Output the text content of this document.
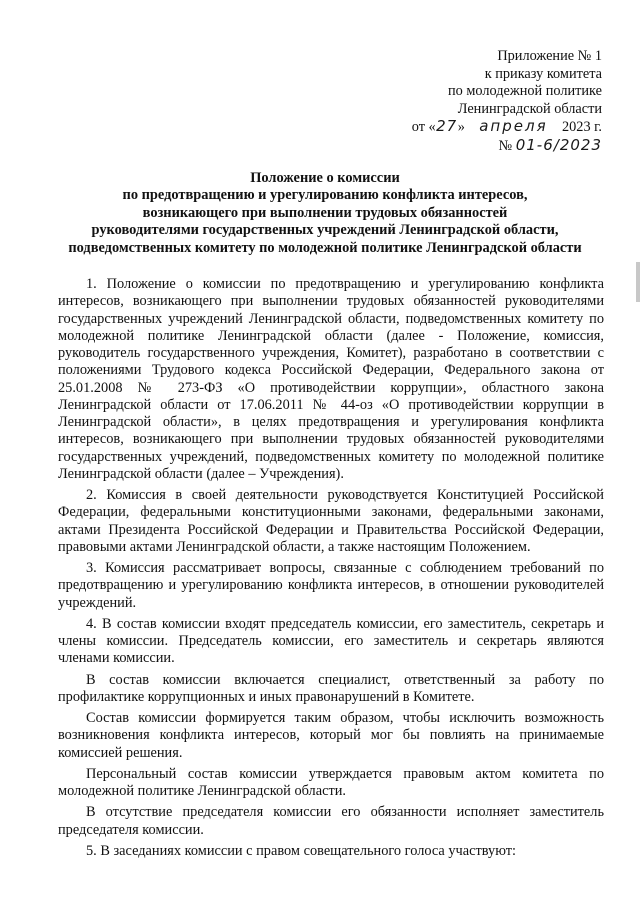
Приложение № 1
к приказу комитета
по молодежной политике
Ленинградской области
от «27» апреля 2023 г.
№ 01-6/2023
Положение о комиссии
по предотвращению и урегулированию конфликта интересов,
возникающего при выполнении трудовых обязанностей
руководителями государственных учреждений Ленинградской области,
подведомственных комитету по молодежной политике Ленинградской области

1. Положение о комиссии по предотвращению и урегулированию конфликта интересов, возникающего при выполнении трудовых обязанностей руководителями государственных учреждений Ленинградской области, подведомственных комитету по молодежной политике Ленинградской области (далее - Положение, комиссия, руководитель государственного учреждения, Комитет), разработано в соответствии с положениями Трудового кодекса Российской Федерации, Федерального закона от 25.01.2008 № 273-ФЗ «О противодействии коррупции», областного закона Ленинградской области от 17.06.2011 № 44-оз «О противодействии коррупции в Ленинградской области», в целях предотвращения и урегулирования конфликта интересов, возникающего при выполнении трудовых обязанностей руководителями государственных учреждений, подведомственных комитету по молодежной политике Ленинградской области (далее – Учреждения).

2. Комиссия в своей деятельности руководствуется Конституцией Российской Федерации, федеральными конституционными законами, федеральными законами, актами Президента Российской Федерации и Правительства Российской Федерации, правовыми актами Ленинградской области, а также настоящим Положением.

3. Комиссия рассматривает вопросы, связанные с соблюдением требований по предотвращению и урегулированию конфликта интересов, в отношении руководителей учреждений.

4. В состав комиссии входят председатель комиссии, его заместитель, секретарь и члены комиссии. Председатель комиссии, его заместитель и секретарь являются членами комиссии.

В состав комиссии включается специалист, ответственный за работу по профилактике коррупционных и иных правонарушений в Комитете.

Состав комиссии формируется таким образом, чтобы исключить возможность возникновения конфликта интересов, который мог бы повлиять на принимаемые комиссией решения.

Персональный состав комиссии утверждается правовым актом комитета по молодежной политике Ленинградской области.

В отсутствие председателя комиссии его обязанности исполняет заместитель председателя комиссии.

5. В заседаниях комиссии с правом совещательного голоса участвуют:
